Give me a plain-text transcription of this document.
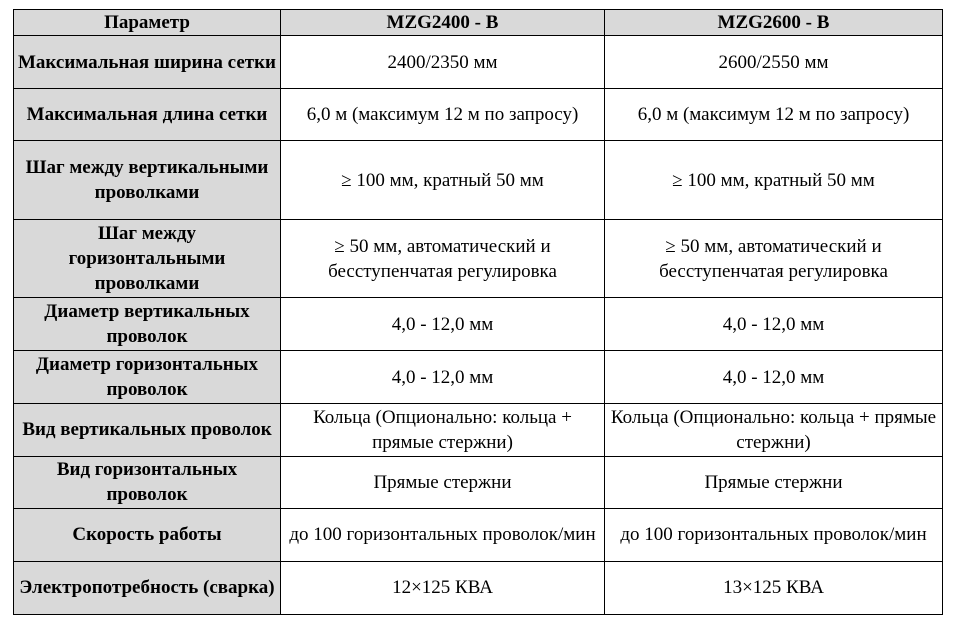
Параметр	MZG2400 - B	MZG2600 - B
Максимальная ширина сетки	2400/2350 мм	2600/2550 мм
Максимальная длина сетки	6,0 м (максимум 12 м по запросу)	6,0 м (максимум 12 м по запросу)
Шаг между вертикальными проволками	≥ 100 мм, кратный 50 мм	≥ 100 мм, кратный 50 мм
Шаг между горизонтальными проволками	≥ 50 мм, автоматический и бесступенчатая регулировка	≥ 50 мм, автоматический и бесступенчатая регулировка
Диаметр вертикальных проволок	4,0 - 12,0 мм	4,0 - 12,0 мм
Диаметр горизонтальных проволок	4,0 - 12,0 мм	4,0 - 12,0 мм
Вид вертикальных проволок	Кольца (Опционально: кольца + прямые стержни)	Кольца (Опционально: кольца + прямые стержни)
Вид горизонтальных проволок	Прямые стержни	Прямые стержни
Скорость работы	до 100 горизонтальных проволок/мин	до 100 горизонтальных проволок/мин
Электропотребность (сварка)	12×125 КВА	13×125 КВА
